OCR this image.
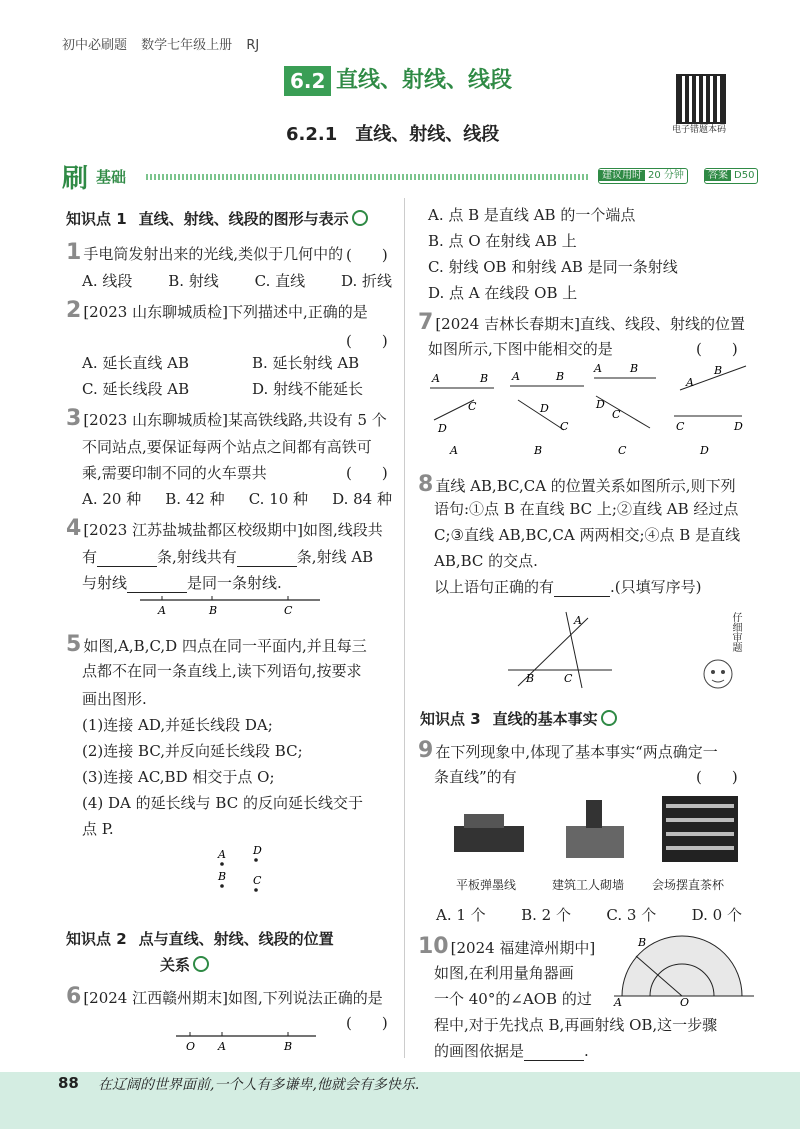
初中必刷题 数学七年级上册 RJ
6.2 直线、射线、线段
电子错题本码
6.2.1　直线、射线、线段
刷 基础	建议用时 20 分钟	答案 D50
知识点 1 直线、射线、线段的图形与表示
1 手电筒发射出来的光线,类似于几何中的 (　　)
A. 线段 B. 射线 C. 直线 D. 折线
2 [2023 山东聊城质检]下列描述中,正确的是
(　　)
A. 延长直线 AB	B. 延长射线 AB
C. 延长线段 AB	D. 射线不能延长
3 [2023 山东聊城质检]某高铁线路,共设有 5 个
不同站点,要保证每两个站点之间都有高铁可
乘,需要印制不同的火车票共	(　　)
A. 20 种 B. 42 种 C. 10 种 D. 84 种
4 [2023 江苏盐城盐都区校级期中]如图,线段共
有	条,射线共有	条,射线 AB
与射线	是同一条射线.
A	B	C
5 如图,A,B,C,D 四点在同一平面内,并且每三
点都不在同一条直线上,读下列语句,按要求
画出图形.
(1)连接 AD,并延长线段 DA;
(2)连接 BC,并反向延长线段 BC;
(3)连接 AC,BD 相交于点 O;
(4) DA 的延长线与 BC 的反向延长线交于
点 P.
A D
B C
知识点 2 点与直线、射线、线段的位置
关系
6 [2024 江西赣州期末]如图,下列说法正确的是
(　　)
O A	B
A. 点 B 是直线 AB 的一个端点
B. 点 O 在射线 AB 上
C. 射线 OB 和射线 AB 是同一条射线
D. 点 A 在线段 OB 上
7 [2024 吉林长春期末]直线、线段、射线的位置
如图所示,下图中能相交的是	(　　)
A	B
C
D
A
A	B
D
C
B
A	B
D
C
C
A
B
C	D
D
8 直线 AB,BC,CA 的位置关系如图所示,则下列
语句:①点 B 在直线 BC 上;②直线 AB 经过点
C;③直线 AB,BC,CA 两两相交;④点 B 是直线
AB,BC 的交点.
以上语句正确的有	.(只填写序号)
A
B	C
仔细审题
知识点 3 直线的基本事实
9 在下列现象中,体现了基本事实“两点确定一
条直线”的有	(　　)
平板弹墨线	建筑工人砌墙 会场摆直茶杯
A. 1 个 B. 2 个 C. 3 个 D. 0 个
10 [2024 福建漳州期中]
如图,在利用量角器画
一个 40°的∠AOB 的过
程中,对于先找点 B,再画射线 OB,这一步骤
的画图依据是	.
B
A	O
88 在辽阔的世界面前,一个人有多谦卑,他就会有多快乐.
